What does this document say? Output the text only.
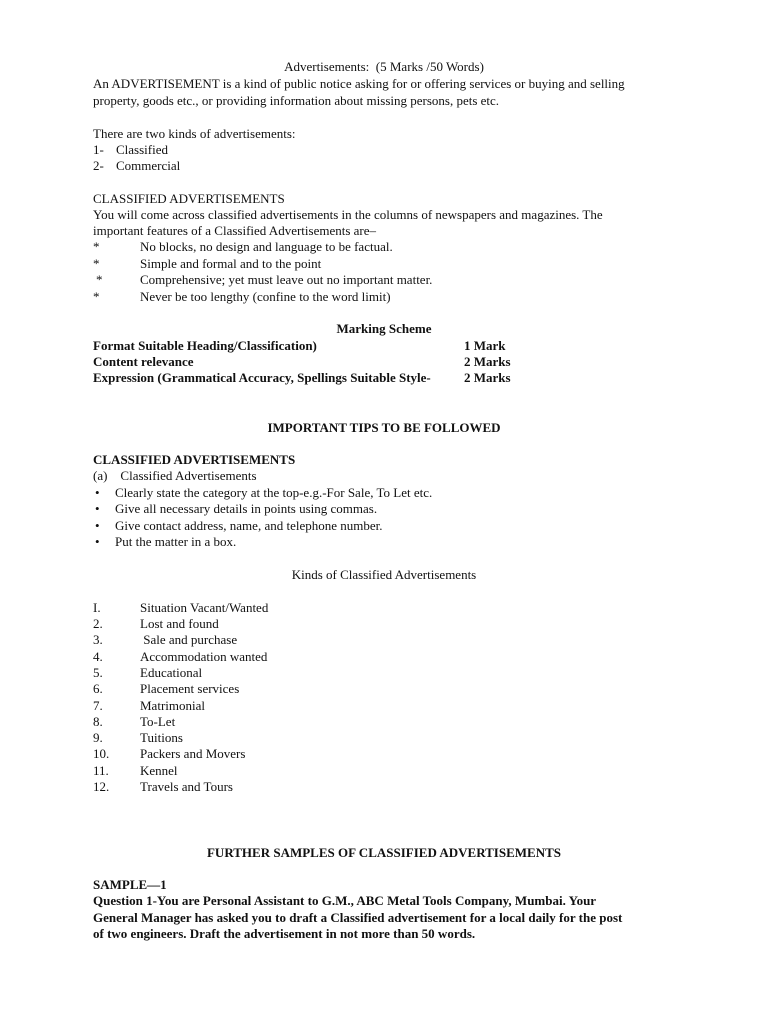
Advertisements:  (5 Marks /50 Words)
An ADVERTISEMENT is a kind of public notice asking for or offering services or buying and selling
property, goods etc., or providing information about missing persons, pets etc.
There are two kinds of advertisements:
1- Classified
2- Commercial
CLASSIFIED ADVERTISEMENTS
You will come across classified advertisements in the columns of newspapers and magazines. The
important features of a Classified Advertisements are–
*	No blocks, no design and language to be factual.
*	Simple and formal and to the point
*	Comprehensive; yet must leave out no important matter.
*	Never be too lengthy (confine to the word limit)
Marking Scheme
Format Suitable Heading/Classification)	1 Mark
Content relevance	2 Marks
Expression (Grammatical Accuracy, Spellings Suitable Style-	2 Marks
IMPORTANT TIPS TO BE FOLLOWED
CLASSIFIED ADVERTISEMENTS
(a)    Classified Advertisements
• Clearly state the category at the top-e.g.-For Sale, To Let etc.
• Give all necessary details in points using commas.
• Give contact address, name, and telephone number.
• Put the matter in a box.
Kinds of Classified Advertisements
I.	Situation Vacant/Wanted
2.	Lost and found
3.	Sale and purchase
4.	Accommodation wanted
5.	Educational
6.	Placement services
7.	Matrimonial
8.	To-Let
9.	Tuitions
10. Packers and Movers
11. Kennel
12. Travels and Tours
FURTHER SAMPLES OF CLASSIFIED ADVERTISEMENTS
SAMPLE—1
Question 1-You are Personal Assistant to G.M., ABC Metal Tools Company, Mumbai. Your
General Manager has asked you to draft a Classified advertisement for a local daily for the post
of two engineers. Draft the advertisement in not more than 50 words.
